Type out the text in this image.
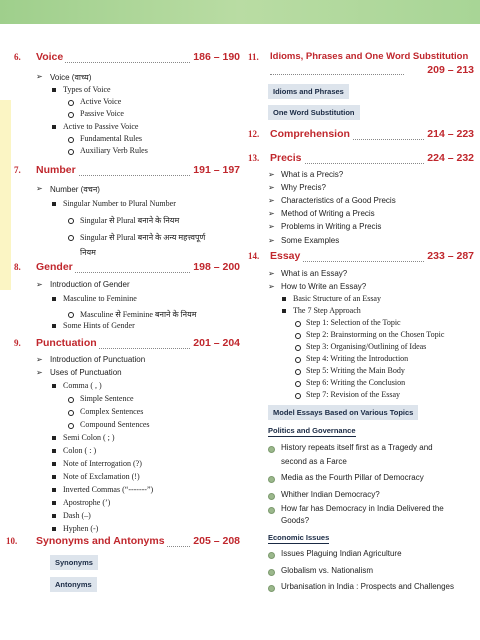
6.	Voice	186 – 190
➢ Voice (वाच्य)
Types of Voice
Active Voice
Passive Voice
Active to Passive Voice
Fundamental Rules
Auxiliary Verb Rules
7.	Number	191 – 197
➢ Number (वचन)
Singular Number to Plural Number
Singular से Plural बनाने के नियम
Singular से Plural बनाने के अन्य महत्त्वपूर्ण
नियम
8.	Gender	198 – 200
➢ Introduction of Gender
Masculine to Feminine
Masculine से Feminine बनाने के नियम
Some Hints of Gender
9.	Punctuation	201 – 204
➢ Introduction of Punctuation
➢ Uses of Punctuation
Comma ( , )
Simple Sentence
Complex Sentences
Compound Sentences
Semi Colon ( ; )
Colon ( : )
Note of Interrogation (?)
Note of Exclamation (!)
Inverted Commas (“-------”)
Apostrophe (’)
Dash (–)
Hyphen (-)
10.	Synonyms and Antonyms	205 – 208
Synonyms
Antonyms
11.	Idioms, Phrases and One Word Substitution
209 – 213
Idioms and Phrases
One Word Substitution
12.	Comprehension	214 – 223
13.	Precis	224 – 232
➢ What is a Precis?
➢ Why Precis?
➢ Characteristics of a Good Precis
➢ Method of Writing a Precis
➢ Problems in Writing a Precis
➢ Some Examples
14.	Essay	233 – 287
➢ What is an Essay?
➢ How to Write an Essay?
Basic Structure of an Essay
The 7 Step Approach
Step 1: Selection of the Topic
Step 2: Brainstorming on the Chosen Topic
Step 3: Organising/Outlining of Ideas
Step 4: Writing the Introduction
Step 5: Writing the Main Body
Step 6: Writing the Conclusion
Step 7: Revision of the Essay
Model Essays Based on Various Topics
Politics and Governance
History repeats itself first as a Tragedy and
second as a Farce
Media as the Fourth Pillar of Democracy
Whither Indian Democracy?
How far has Democracy in India Delivered the
Goods?
Economic Issues
Issues Plaguing Indian Agriculture
Globalism vs. Nationalism
Urbanisation in India : Prospects and Challenges
